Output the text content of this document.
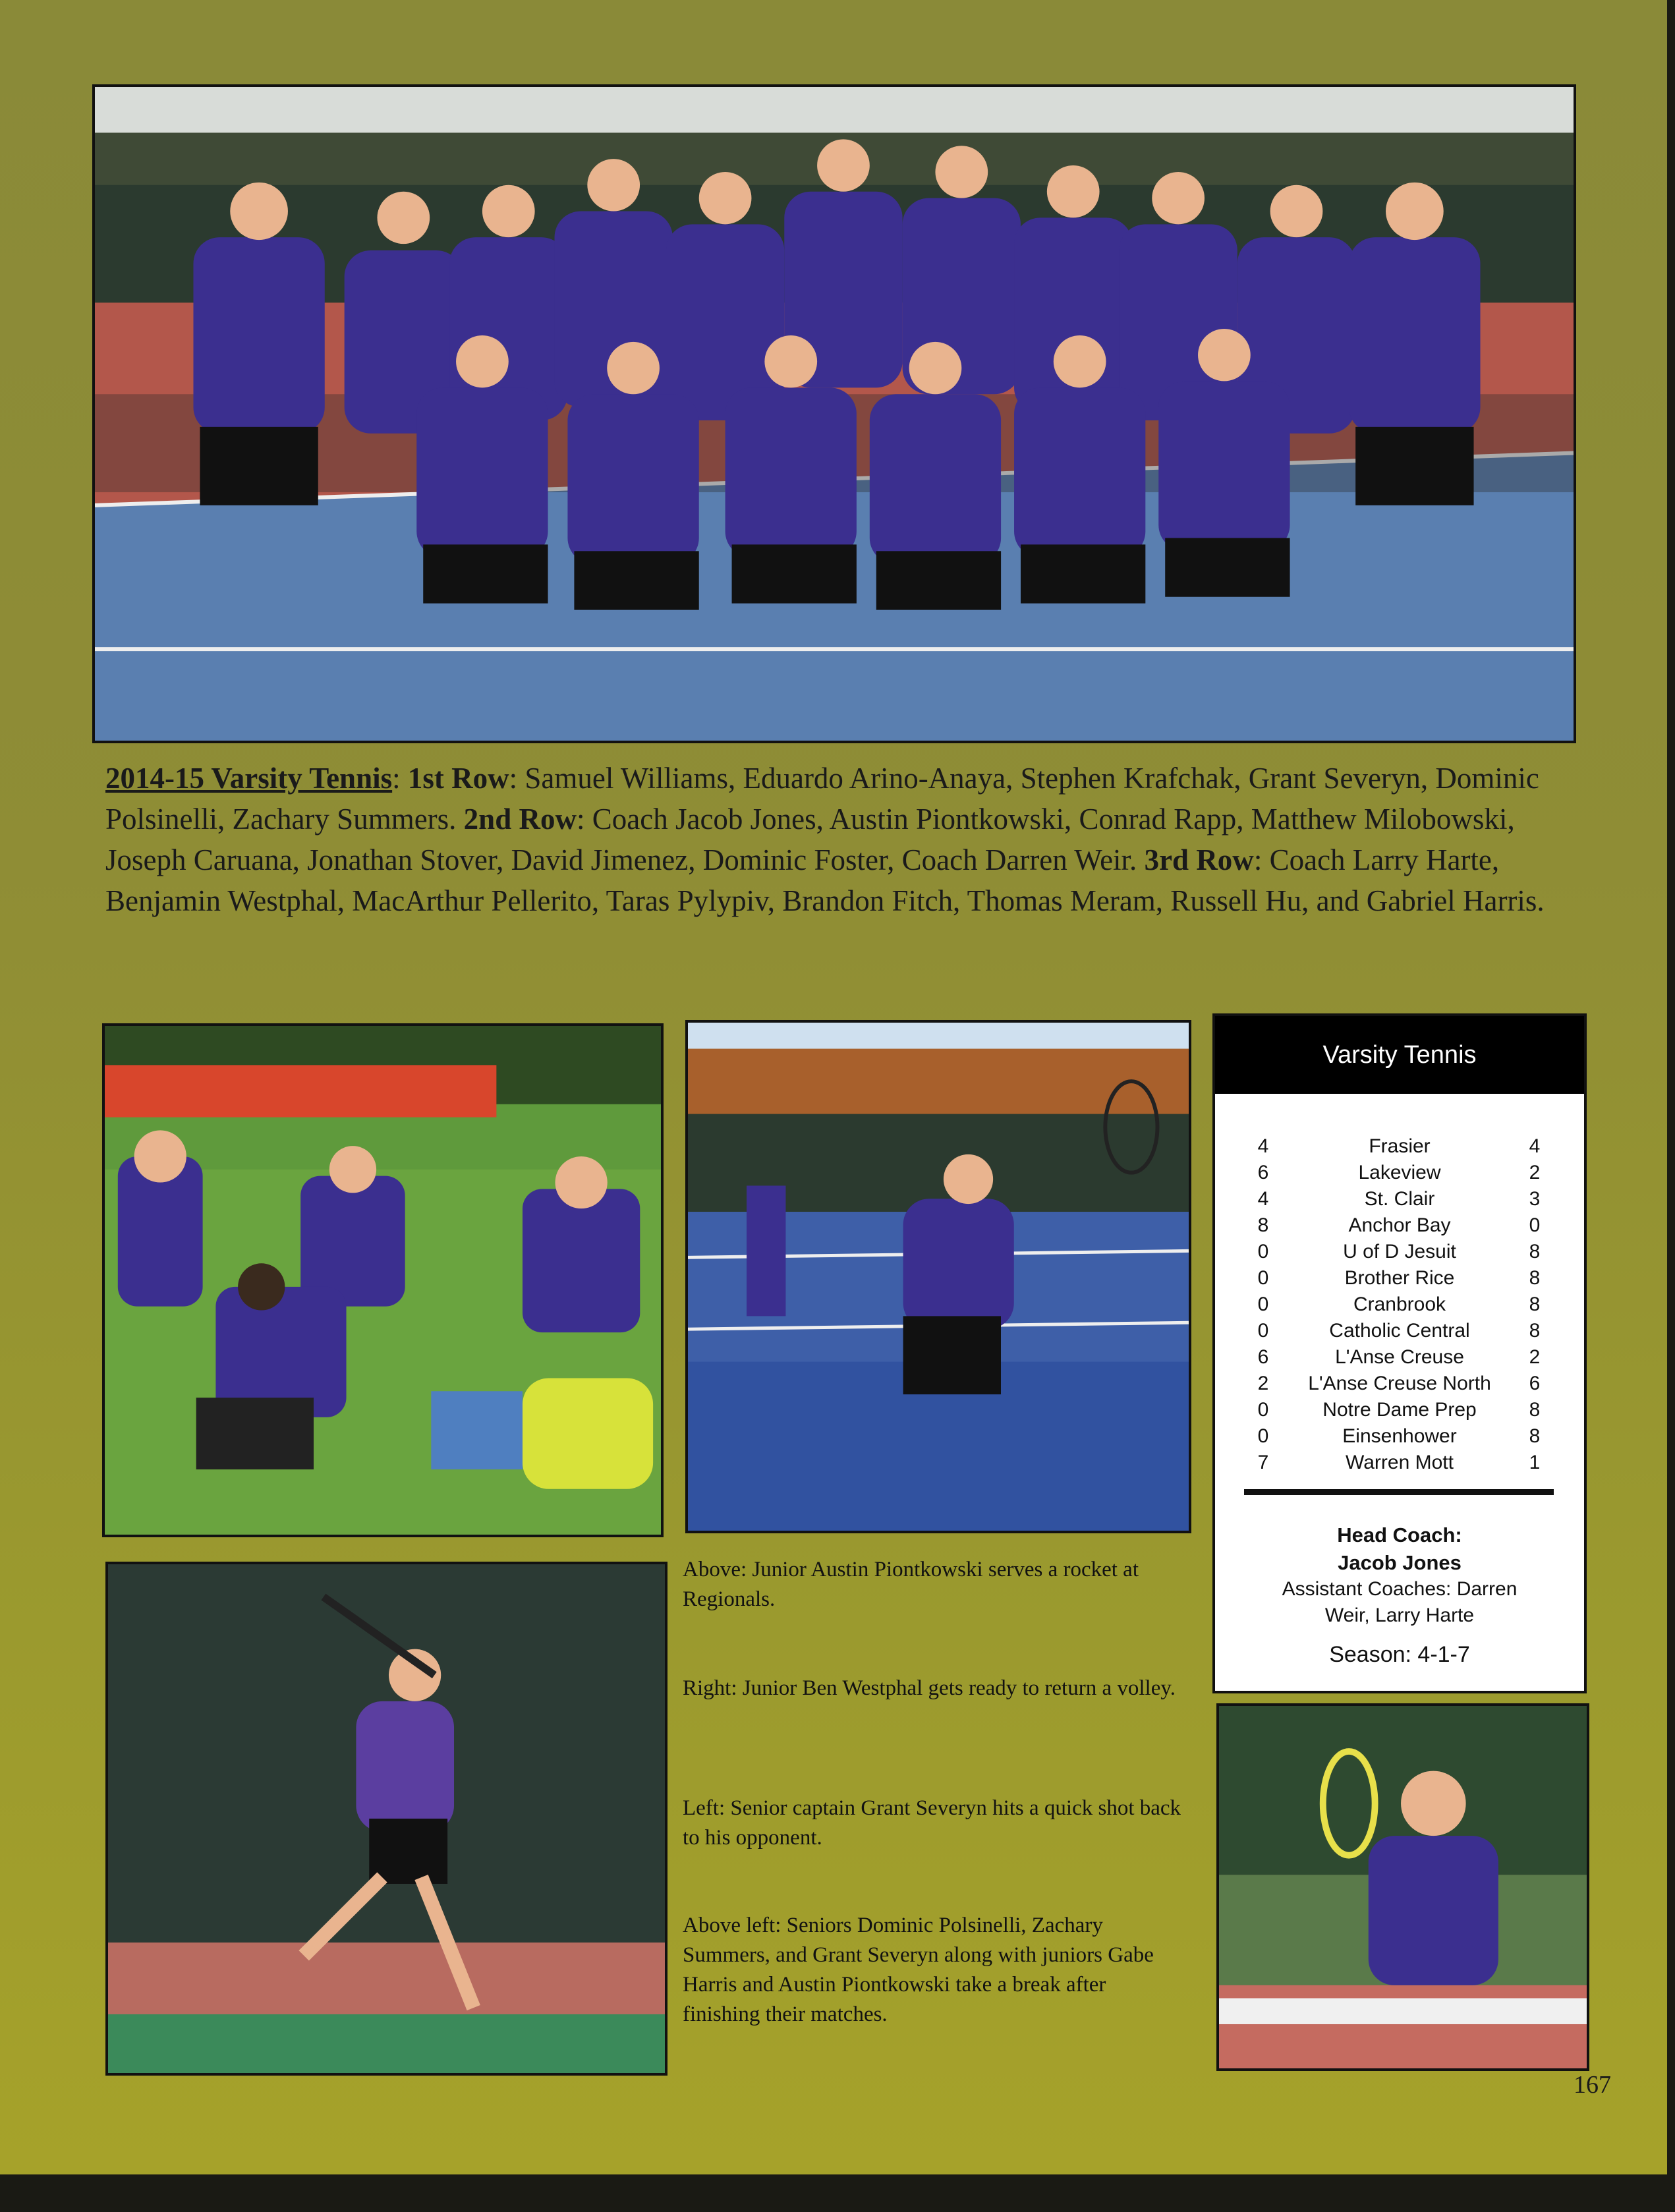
2014-15 Varsity Tennis: 1st Row: Samuel Williams, Eduardo Arino-Anaya, Stephen Krafchak, Grant Severyn, Dominic Polsinelli, Zachary Summers. 2nd Row: Coach Jacob Jones, Austin Piontkowski, Conrad Rapp, Matthew Milobowski, Joseph Caruana, Jonathan Stover, David Jimenez, Dominic Foster, Coach Darren Weir. 3rd Row: Coach Larry Harte, Benjamin Westphal, MacArthur Pellerito, Taras Pylypiv, Brandon Fitch, Thomas Meram, Russell Hu, and Gabriel Harris.
Varsity Tennis
Head Coach:
Jacob Jones
Assistant Coaches: Darren Weir, Larry Harte
Season: 4-1-7
4	Frasier	4
6	Lakeview	2
4	St. Clair	3
8	Anchor Bay	0
0	U of D Jesuit	8
0	Brother Rice	8
0	Cranbrook	8
0	Catholic Central	8
6	L'Anse Creuse	2
2	L'Anse Creuse North	6
0	Notre Dame Prep	8
0	Einsenhower	8
7	Warren Mott	1

Above: Junior Austin Piontkowski serves a rocket at Regionals.

Right: Junior Ben Westphal gets ready to return a volley.

Left: Senior captain Grant Severyn hits a quick shot back to his opponent.

Above left: Seniors Dominic Polsinelli, Zachary Summers, and Grant Severyn along with juniors Gabe Harris and Austin Piontkowski take a break after finishing their matches.

167
